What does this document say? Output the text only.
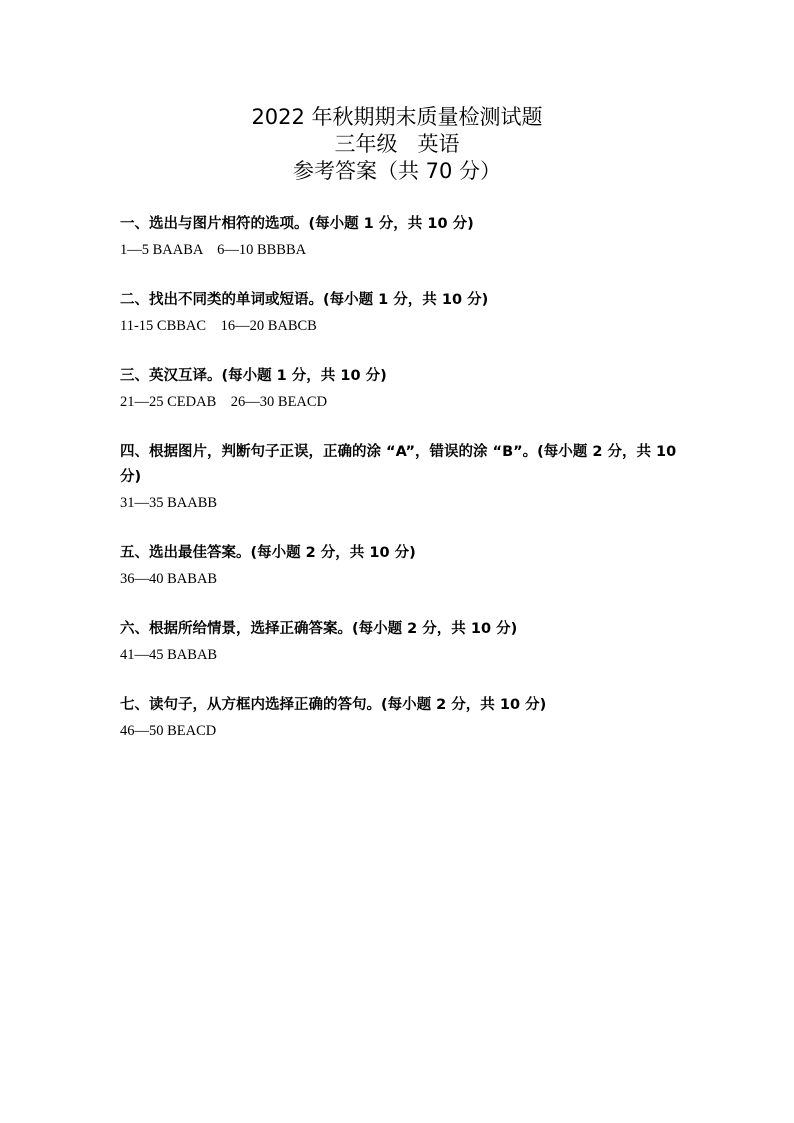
2022 年秋期期末质量检测试题
三年级   英语
参考答案（共 70 分）
一、选出与图片相符的选项。(每小题 1 分，共 10 分)
1—5 BAABA    6—10 BBBBA
二、找出不同类的单词或短语。(每小题 1 分，共 10 分)
11-15 CBBAC    16—20 BABCB
三、英汉互译。(每小题 1 分，共 10 分)
21—25 CEDAB    26—30 BEACD
四、根据图片，判断句子正误，正确的涂 “A”，错误的涂 “B”。(每小题 2 分，共 10 分)
31—35 BAABB
五、选出最佳答案。(每小题 2 分，共 10 分)
36—40 BABAB
六、根据所给情景，选择正确答案。(每小题 2 分，共 10 分)
41—45 BABAB
七、读句子，从方框内选择正确的答句。(每小题 2 分，共 10 分)
46—50 BEACD
